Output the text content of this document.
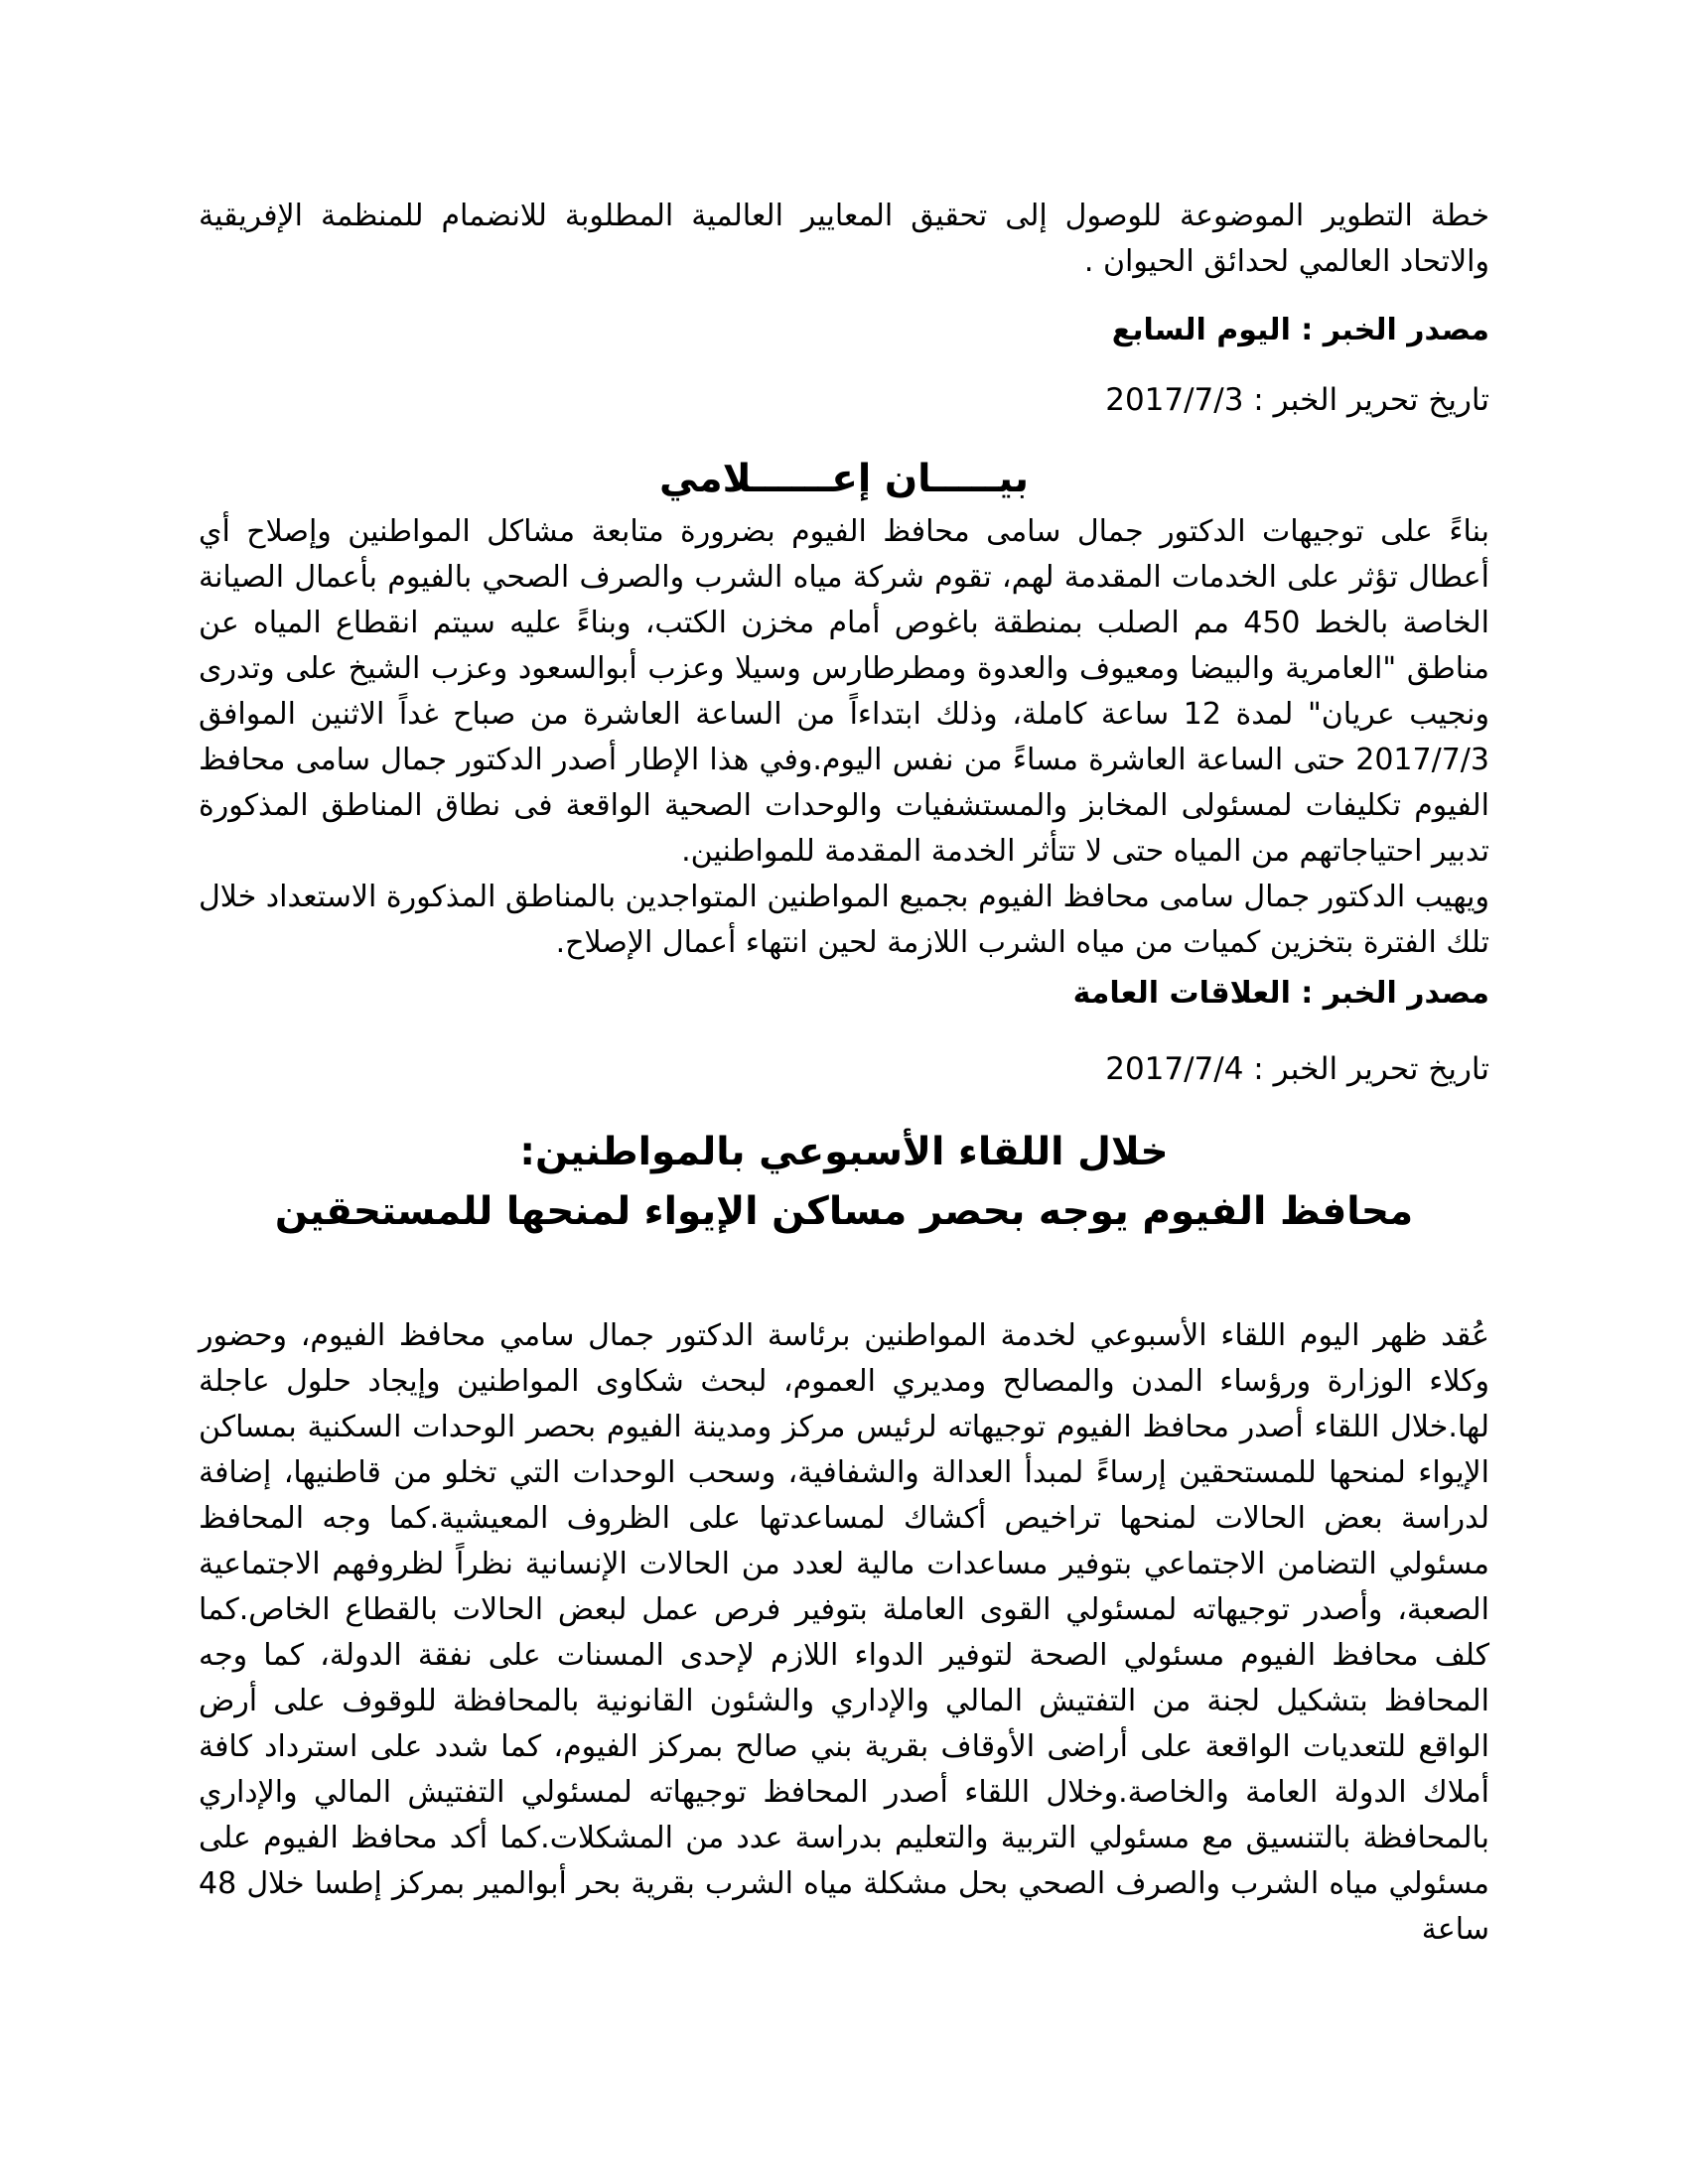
خطة التطوير الموضوعة للوصول إلى تحقيق المعايير العالمية المطلوبة للانضمام للمنظمة الإفريقية والاتحاد العالمي لحدائق الحيوان .

مصدر الخبر : اليوم السابع

تاريخ تحرير الخبر : 2017/7/3

بيـــــان إعــــــلامي

بناءً على توجيهات الدكتور جمال سامى محافظ الفيوم بضرورة متابعة مشاكل المواطنين وإصلاح أي أعطال تؤثر على الخدمات المقدمة لهم، تقوم شركة مياه الشرب والصرف الصحي بالفيوم بأعمال الصيانة الخاصة بالخط 450 مم الصلب بمنطقة باغوص أمام مخزن الكتب، وبناءً عليه سيتم انقطاع المياه عن مناطق "العامرية والبيضا ومعيوف والعدوة ومطرطارس وسيلا وعزب أبوالسعود وعزب الشيخ على وتدرى ونجيب عريان" لمدة 12 ساعة كاملة، وذلك ابتداءاً من الساعة العاشرة من صباح غداً الاثنين الموافق 2017/7/3 حتى الساعة العاشرة مساءً من نفس اليوم.وفي هذا الإطار أصدر الدكتور جمال سامى محافظ الفيوم تكليفات لمسئولى المخابز والمستشفيات والوحدات الصحية الواقعة فى نطاق المناطق المذكورة تدبير احتياجاتهم من المياه حتى لا تتأثر الخدمة المقدمة للمواطنين.

ويهيب الدكتور جمال سامى محافظ الفيوم بجميع المواطنين المتواجدين بالمناطق المذكورة الاستعداد خلال تلك الفترة بتخزين كميات من مياه الشرب اللازمة لحين انتهاء أعمال الإصلاح.

مصدر الخبر : العلاقات العامة

تاريخ تحرير الخبر : 2017/7/4

خلال اللقاء الأسبوعي بالمواطنين:

محافظ الفيوم يوجه بحصر مساكن الإيواء لمنحها للمستحقين

عُقد ظهر اليوم اللقاء الأسبوعي لخدمة المواطنين برئاسة الدكتور جمال سامي محافظ الفيوم، وحضور وكلاء الوزارة ورؤساء المدن والمصالح ومديري العموم، لبحث شكاوى المواطنين وإيجاد حلول عاجلة لها.خلال اللقاء أصدر محافظ الفيوم توجيهاته لرئيس مركز ومدينة الفيوم بحصر الوحدات السكنية بمساكن الإيواء لمنحها للمستحقين إرساءً لمبدأ العدالة والشفافية، وسحب الوحدات التي تخلو من قاطنيها، إضافة لدراسة بعض الحالات لمنحها تراخيص أكشاك لمساعدتها على الظروف المعيشية.كما وجه المحافظ مسئولي التضامن الاجتماعي بتوفير مساعدات مالية لعدد من الحالات الإنسانية نظراً لظروفهم الاجتماعية الصعبة، وأصدر توجيهاته لمسئولي القوى العاملة بتوفير فرص عمل لبعض الحالات بالقطاع الخاص.كما كلف محافظ الفيوم مسئولي الصحة لتوفير الدواء اللازم لإحدى المسنات على نفقة الدولة، كما وجه المحافظ بتشكيل لجنة من التفتيش المالي والإداري والشئون القانونية بالمحافظة للوقوف على أرض الواقع للتعديات الواقعة على أراضى الأوقاف بقرية بني صالح بمركز الفيوم، كما شدد على استرداد كافة أملاك الدولة العامة والخاصة.وخلال اللقاء أصدر المحافظ توجيهاته لمسئولي التفتيش المالي والإداري بالمحافظة بالتنسيق مع مسئولي التربية والتعليم بدراسة عدد من المشكلات.كما أكد محافظ الفيوم على مسئولي مياه الشرب والصرف الصحي بحل مشكلة مياه الشرب بقرية بحر أبوالمير بمركز إطسا خلال 48 ساعة
